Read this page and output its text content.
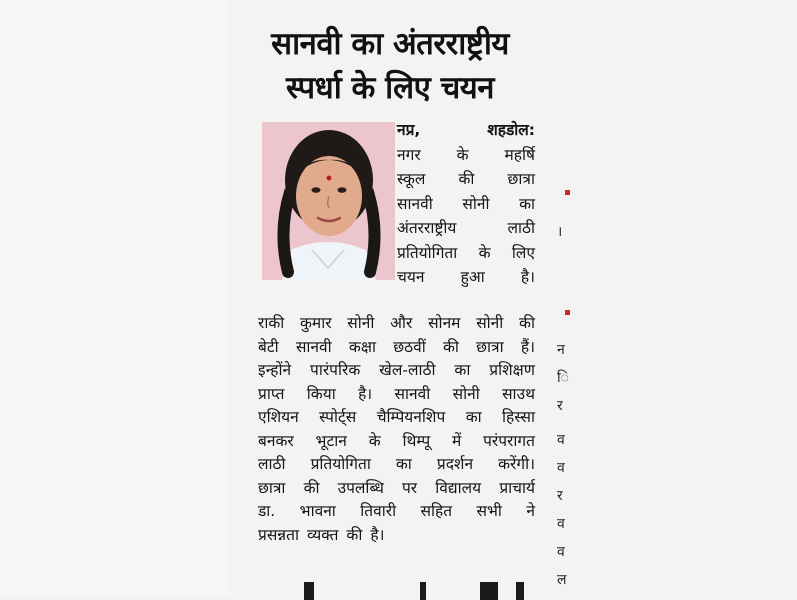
सानवी का अंतरराष्ट्रीय
स्पर्धा के लिए चयन
नप्र,	शहडोल:
नगर के महर्षि
स्कूल की छात्रा
सानवी सोनी का
अंतरराष्ट्रीय	लाठी
प्रतियोगिता के लिए
चयन हुआ है।
राकी कुमार सोनी और सोनम सोनी की
बेटी सानवी कक्षा छठवीं की छात्रा हैं।
इन्होंने पारंपरिक खेल-लाठी का प्रशिक्षण
प्राप्त किया है। सानवी सोनी साउथ
एशियन स्पोर्ट्स चैम्पियनशिप का हिस्सा
बनकर भूटान के थिम्पू में परंपरागत
लाठी प्रतियोगिता का प्रदर्शन करेंगी।
छात्रा की उपलब्धि पर विद्यालय प्राचार्य
डा. भावना तिवारी सहित सभी ने
प्रसन्नता व्यक्त की है।
।
न
ि
र
व
व
र
व
व
ल
